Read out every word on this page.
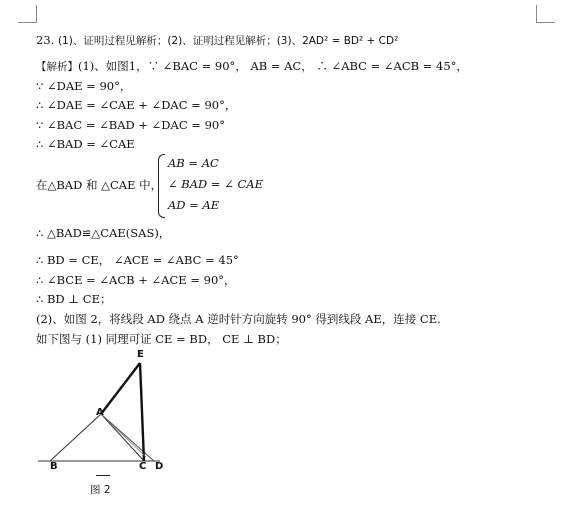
23. (1)、证明过程见解析；(2)、证明过程见解析；(3)、2AD² = BD² + CD²
【解析】(1)、如图1，∵ ∠BAC = 90°， AB = AC， ∴ ∠ABC = ∠ACB = 45°，
∵ ∠DAE = 90°，
∴ ∠DAE = ∠CAE + ∠DAC = 90°，
∵ ∠BAC = ∠BAD + ∠DAC = 90°
∴ ∠BAD = ∠CAE
在△BAD 和 △CAE 中，
AB = AC
∠ BAD = ∠ CAE
AD = AE
∴ △BAD≌△CAE(SAS)，
∴ BD = CE， ∠ACE = ∠ABC = 45°
∴ ∠BCE = ∠ACB + ∠ACE = 90°，
∴ BD ⊥ CE；
(2)、如图 2，将线段 AD 绕点 A 逆时针方向旋转 90° 得到线段 AE，连接 CE.
如下图与 (1) 同理可证 CE = BD， CE ⊥ BD；
E
A
B	C D
图 2
